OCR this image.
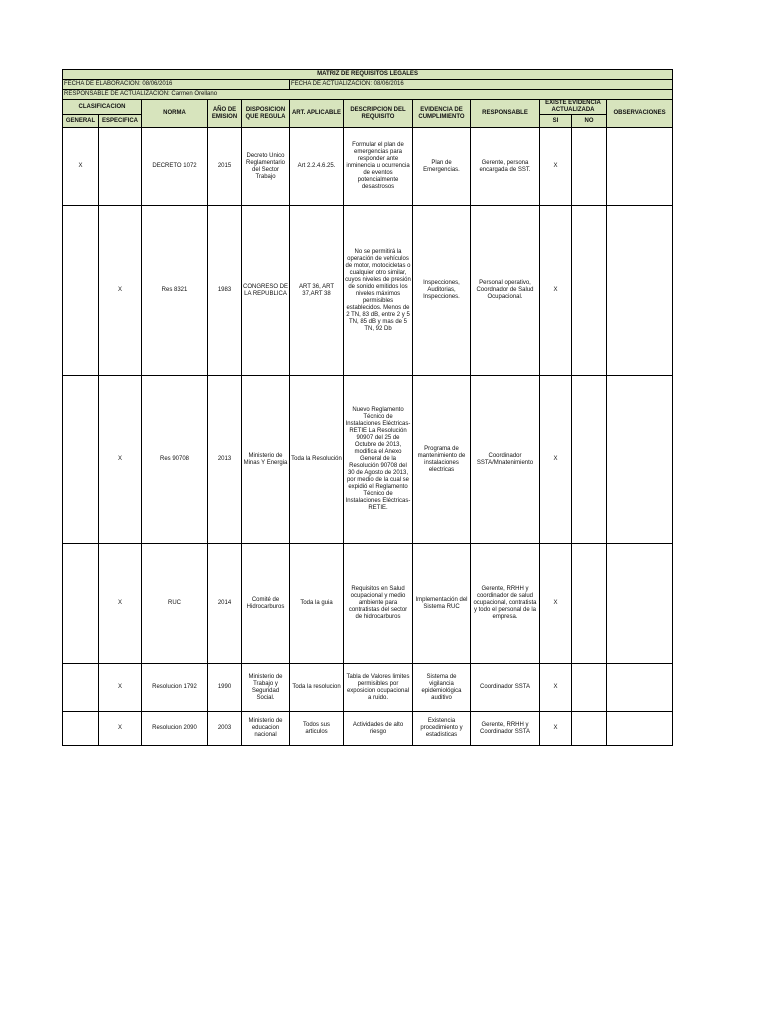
MATRIZ DE REQUISITOS LEGALES											
FECHA DE ELABORACION: 08/06/2016					FECHA DE ACTUALIZACION: 08/06/2016						
RESPONSABLE DE ACTUALIZACION: Carmen Orellano											
CLASIFICACION		NORMA	AÑO DE EMISION	DISPOSICION QUE REGULA	ART. APLICABLE	DESCRIPCION DEL REQUISITO	EVIDENCIA DE CUMPLIMIENTO	RESPONSABLE	EXISTE EVIDENCIA ACTUALIZADA		OBSERVACIONES
GENERAL	ESPECIFICA								SI	NO	
X		DECRETO 1072	2015	Decreto Unico Reglamentario del Sector Trabajo	Art 2.2.4.6.25.	Formular el plan de emergencias para responder ante inminencia u ocurrencia de eventos potencialmente desastrosos	Plan de Emergencias.	Gerente, persona encargada de SST.	X		
	X	Res 8321	1983	CONGRESO DE LA REPUBLICA	ART 36, ART 37,ART 38	No se permitirá la operación de vehículos de motor, motocicletas o cualquier otro similar, cuyos niveles de presión de sonido emitidos los niveles máximos permisibles establecidos. Menos de 2 TN, 83 dB, entre 2 y 5 TN, 85 dB y mas de 5 TN, 92 Db	Inspecciones, Auditorias, Inspecciones.	Personal operativo, Coordnador de Salud Ocupacional.	X		
	X	Res 90708	2013	Ministerio de Minas Y Energia	Toda la Resolución	Nuevo Reglamento Técnico de Instalaciones Eléctricas- RETIE La Resolución 90907 del 25 de Octubre de 2013, modifica el Anexo General de la Resolución 90708 del 30 de Agosto de 2013, por medio de la cual se expidió el Reglamento Técnico de Instalaciones Eléctricas- RETIE.	Programa de mantenimiento de instalaciones electricas	Coordinador SSTA/Mnatenimiento	X		
	X	RUC	2014	Comité de Hidrocarburos	Toda la guia	Requisitos en Salud ocupacional y medio ambiente para contratistas del sector de hidrocarburos	Implementación del Sistema RUC	Gerente, RRHH y coordinador de salud ocupacional, contratista y todo el personal de la empresa.	X		
	X	Resolucion 1792	1990	Ministerio de Trabajo y Seguridad Social.	Toda la resolucion	Tabla de Valores limites permisibles por exposicion ocupacional a ruido.	Sistema de vigilancia epidemiológica auditivo	Coordinador SSTA	X		
	X	Resolucion 2090	2003	Ministerio de educacion nacional	Todos sus articulos	Actividades de alto riesgo	Existencia procedimiento y estadisticas	Gerente, RRHH y Coordinador SSTA	X		
